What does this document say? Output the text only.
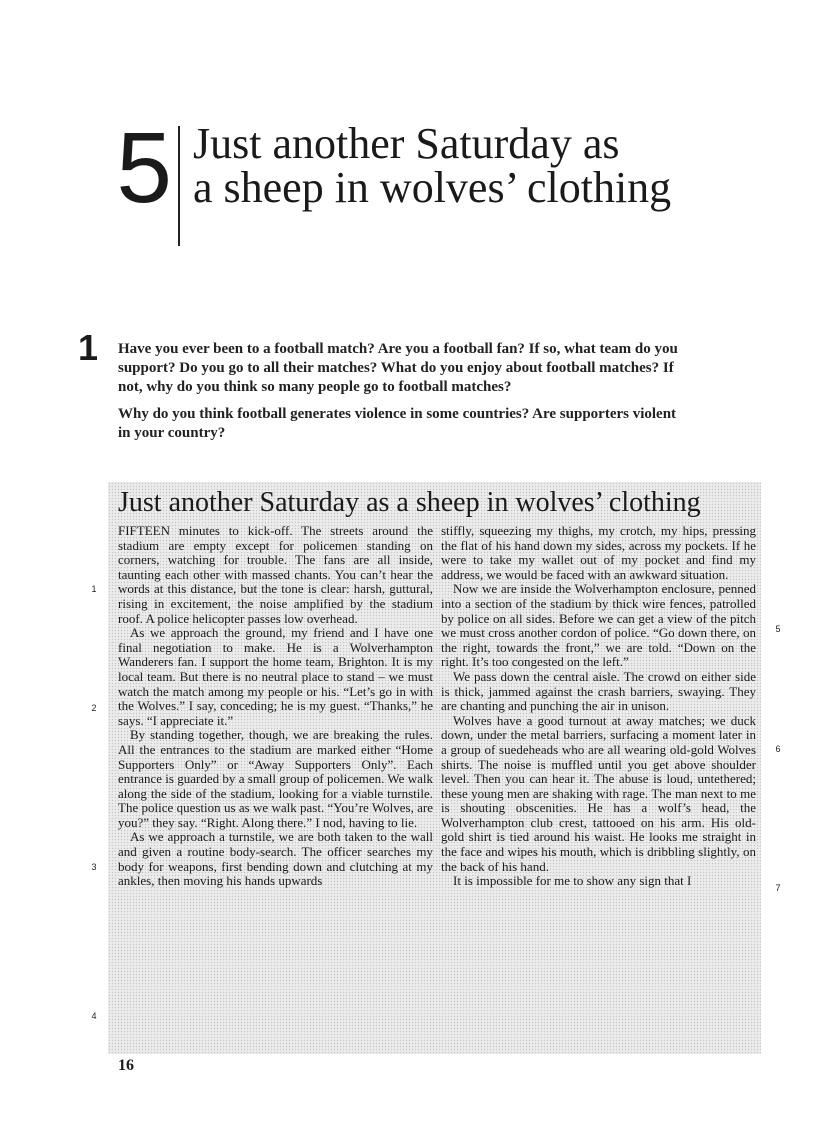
5 Just another Saturday as
a sheep in wolves’ clothing
1 Have you ever been to a football match? Are you a football fan? If so, what team do you support? Do you go to all their matches? What do you enjoy about football matches? If not, why do you think so many people go to football matches?

Why do you think football generates violence in some countries? Are supporters violent in your country?

Just another Saturday as a sheep in wolves’ clothing

FIFTEEN minutes to kick-off. The streets around the stadium are empty except for policemen standing on corners, watching for trouble. The fans are all inside, taunting each other with massed chants. You can’t hear the words at this distance, but the tone is clear: harsh, guttural, rising in excitement, the noise amplified by the stadium roof. A police helicopter passes low overhead.

As we approach the ground, my friend and I have one final negotiation to make. He is a Wolverhampton Wanderers fan. I support the home team, Brighton. It is my local team. But there is no neutral place to stand – we must watch the match among my people or his. “Let’s go in with the Wolves.” I say, conceding; he is my guest. “Thanks,” he says. “I appreciate it.”

By standing together, though, we are breaking the rules. All the entrances to the stadium are marked either “Home Supporters Only” or “Away Supporters Only”. Each entrance is guarded by a small group of policemen. We walk along the side of the stadium, looking for a viable turnstile. The police question us as we walk past. “You’re Wolves, are you?” they say. “Right. Along there.” I nod, having to lie.

As we approach a turnstile, we are both taken to the wall and given a routine body-search. The officer searches my body for weapons, first bending down and clutching at my ankles, then moving his hands upwards

stiffly, squeezing my thighs, my crotch, my hips, pressing the flat of his hand down my sides, across my pockets. If he were to take my wallet out of my pocket and find my address, we would be faced with an awkward situation.

Now we are inside the Wolverhampton enclosure, penned into a section of the stadium by thick wire fences, patrolled by police on all sides. Before we can get a view of the pitch we must cross another cordon of police. “Go down there, on the right, towards the front,” we are told. “Down on the right. It’s too congested on the left.”

We pass down the central aisle. The crowd on either side is thick, jammed against the crash barriers, swaying. They are chanting and punching the air in unison.

Wolves have a good turnout at away matches; we duck down, under the metal barriers, surfacing a moment later in a group of suedeheads who are all wearing old-gold Wolves shirts. The noise is muffled until you get above shoulder level. Then you can hear it. The abuse is loud, untethered; these young men are shaking with rage. The man next to me is shouting obscenities. He has a wolf’s head, the Wolverhampton club crest, tattooed on his arm. His old-gold shirt is tied around his waist. He looks me straight in the face and wipes his mouth, which is dribbling slightly, on the back of his hand.

It is impossible for me to show any sign that I

1
2
3
4
5
6
7
16
